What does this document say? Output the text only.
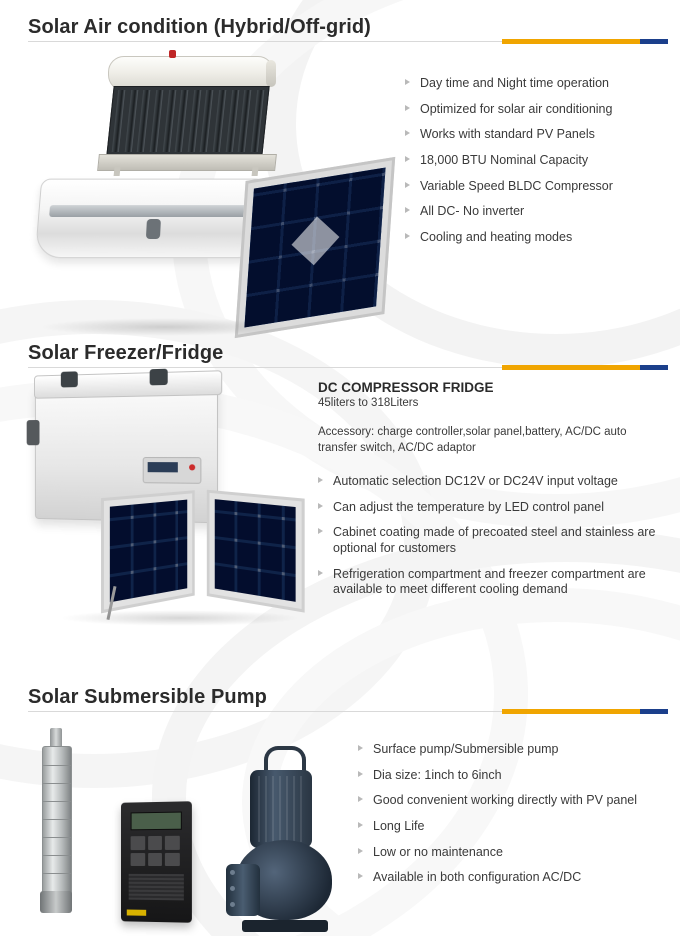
Solar Air condition (Hybrid/Off-grid)
Day time and Night time operation
Optimized for solar air conditioning
Works with standard PV Panels
18,000 BTU Nominal Capacity
Variable Speed BLDC Compressor
All DC- No inverter
Cooling and heating modes
Solar Freezer/Fridge

DC COMPRESSOR FRIDGE

45liters to 318Liters

Accessory: charge controller,solar panel,battery, AC/DC auto transfer switch, AC/DC adaptor

Automatic selection DC12V or DC24V input voltage
Can adjust the temperature by LED control panel
Cabinet coating made of precoated steel and stainless are optional for customers
Refrigeration compartment and freezer compartment are available to meet different cooling demand
Solar Submersible Pump
Surface pump/Submersible pump
Dia size: 1inch to 6inch
Good convenient working directly with PV panel
Long Life
Low or no maintenance
Available in both configuration AC/DC
